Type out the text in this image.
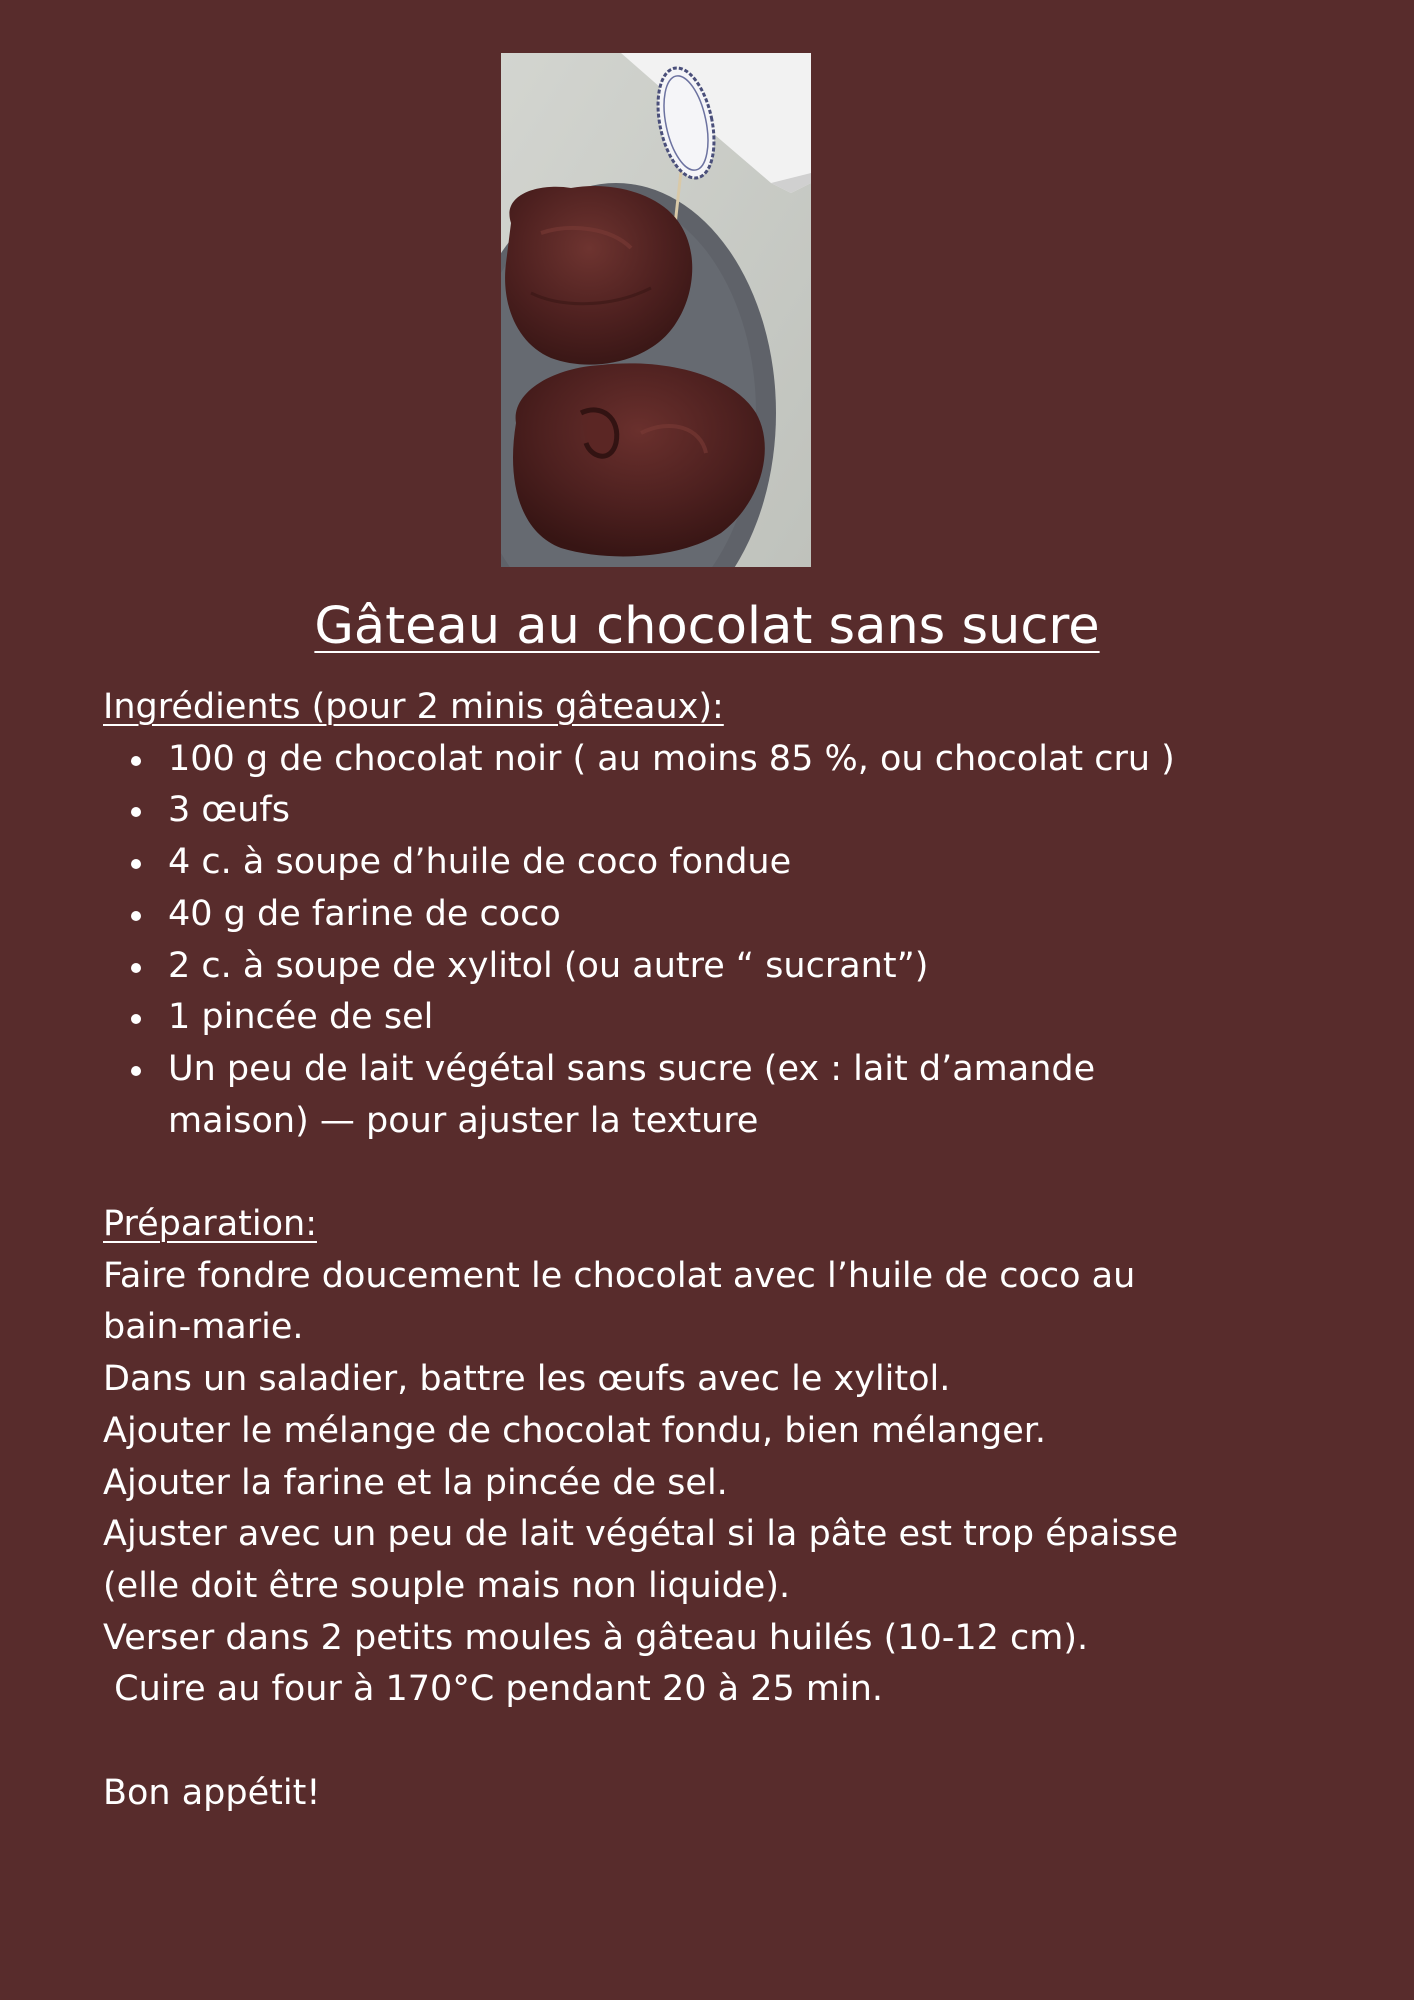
Gâteau au chocolat sans sucre
Ingrédients (pour 2 minis gâteaux):
100 g de chocolat noir ( au moins 85 %, ou chocolat cru )
3 œufs
4 c. à soupe d’huile de coco fondue
40 g de farine de coco
2 c. à soupe de xylitol (ou autre “ sucrant”)
1 pincée de sel
Un peu de lait végétal sans sucre (ex : lait d’amande maison) — pour ajuster la texture
Préparation:
Faire fondre doucement le chocolat avec l’huile de coco au bain-marie.
Dans un saladier, battre les œufs avec le xylitol.
Ajouter le mélange de chocolat fondu, bien mélanger.
Ajouter la farine et la pincée de sel.
Ajuster avec un peu de lait végétal si la pâte est trop épaisse (elle doit être souple mais non liquide).
Verser dans 2 petits moules à gâteau huilés (10-12 cm).
Cuire au four à 170°C pendant 20 à 25 min.
Bon appétit!
